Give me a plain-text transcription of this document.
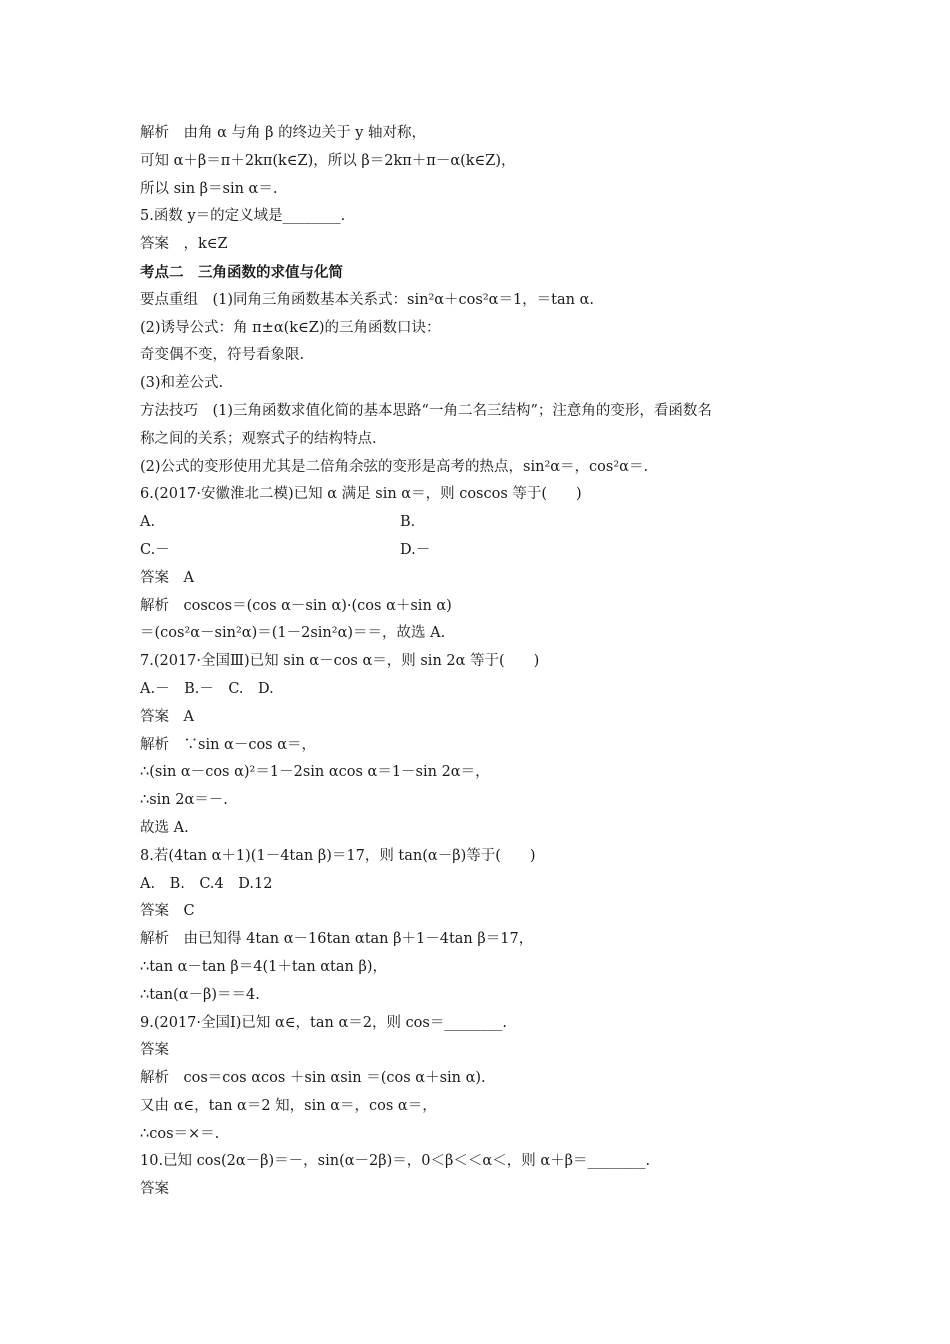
解析　由角 α 与角 β 的终边关于 y 轴对称，
可知 α＋β＝π＋2kπ(k∈Z)，所以 β＝2kπ＋π－α(k∈Z)，
所以 sin β＝sin α＝.
5.函数 y＝的定义域是________.
答案　，k∈Z
考点二　三角函数的求值与化简
要点重组　(1)同角三角函数基本关系式：sin²α＋cos²α＝1，＝tan α.
(2)诱导公式：角 π±α(k∈Z)的三角函数口诀：
奇变偶不变，符号看象限.
(3)和差公式.
方法技巧　(1)三角函数求值化简的基本思路“一角二名三结构”；注意角的变形，看函数名
称之间的关系；观察式子的结构特点.
(2)公式的变形使用尤其是二倍角余弦的变形是高考的热点，sin²α＝，cos²α＝.
6.(2017·安徽淮北二模)已知 α 满足 sin α＝，则 coscos 等于(　　)
A.	B.
C.－	D.－
答案　A
解析　coscos＝(cos α－sin α)·(cos α＋sin α)
＝(cos²α－sin²α)＝(1－2sin²α)＝＝，故选 A.
7.(2017·全国Ⅲ)已知 sin α－cos α＝，则 sin 2α 等于(　　)
A.－　B.－　C.　D.
答案　A
解析　∵sin α－cos α＝，
∴(sin α－cos α)²＝1－2sin αcos α＝1－sin 2α＝，
∴sin 2α＝－.
故选 A.
8.若(4tan α＋1)(1－4tan β)＝17，则 tan(α－β)等于(　　)
A.　B.　C.4　D.12
答案　C
解析　由已知得 4tan α－16tan αtan β＋1－4tan β＝17，
∴tan α－tan β＝4(1＋tan αtan β)，
∴tan(α－β)＝＝4.
9.(2017·全国Ⅰ)已知 α∈，tan α＝2，则 cos＝________.
答案
解析　cos＝cos αcos ＋sin αsin ＝(cos α＋sin α).
又由 α∈，tan α＝2 知，sin α＝，cos α＝，
∴cos＝×＝.
10.已知 cos(2α－β)＝－，sin(α－2β)＝，0＜β＜＜α＜，则 α＋β＝________.
答案
